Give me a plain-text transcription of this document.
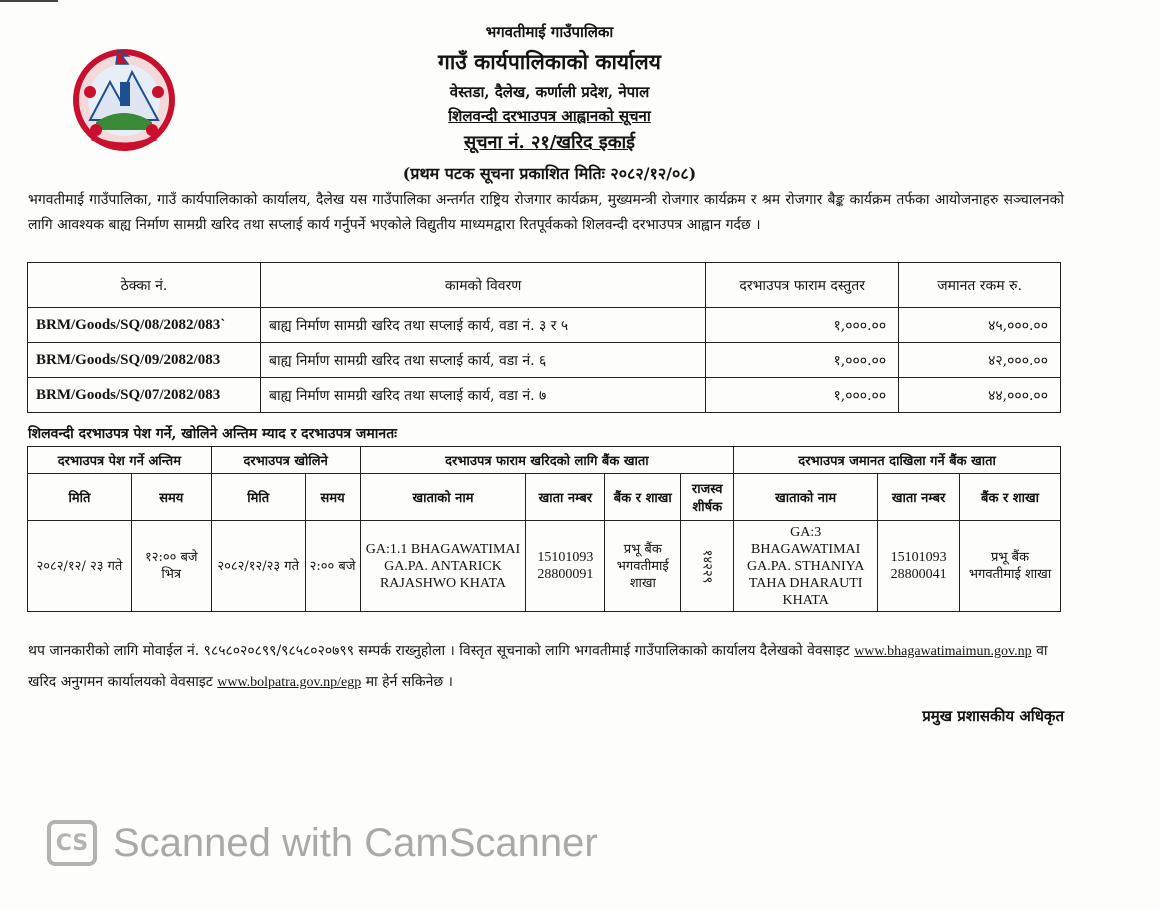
भगवतीमाई गाउँपालिका
गाउँ कार्यपालिकाको कार्यालय
वेस्तडा, दैलेख, कर्णाली प्रदेश, नेपाल
शिलवन्दी दरभाउपत्र आह्वानको सूचना
सूचना नं. २१/खरिद इकाई
(प्रथम पटक सूचना प्रकाशित मितिः २०८२/१२/०८)
भगवतीमाई गाउँपालिका, गाउँ कार्यपालिकाको कार्यालय, दैलेख यस गाउँपालिका अन्तर्गत राष्ट्रिय रोजगार कार्यक्रम, मुख्यमन्त्री रोजगार कार्यक्रम र श्रम रोजगार बैङ्क कार्यक्रम तर्फका आयोजनाहरु सञ्चालनको लागि आवश्यक बाह्य निर्माण सामग्री खरिद तथा सप्लाई कार्य गर्नुपर्ने भएकोले विद्युतीय माध्यमद्वारा रितपूर्वकको शिलवन्दी दरभाउपत्र आह्वान गर्दछ ।
ठेक्का नं.	कामको विवरण	दरभाउपत्र फाराम दस्तुतर	जमानत रकम रु.
BRM/Goods/SQ/08/2082/083`	बाह्य निर्माण सामग्री खरिद तथा सप्लाई कार्य, वडा नं. ३ र ५	१,०००.००	४५,०००.००
BRM/Goods/SQ/09/2082/083	बाह्य निर्माण सामग्री खरिद तथा सप्लाई कार्य, वडा नं. ६	१,०००.००	४२,०००.००
BRM/Goods/SQ/07/2082/083	बाह्य निर्माण सामग्री खरिद तथा सप्लाई कार्य, वडा नं. ७	१,०००.००	४४,०००.००
शिलवन्दी दरभाउपत्र पेश गर्ने, खोलिने अन्तिम म्याद र दरभाउपत्र जमानतः
दरभाउपत्र पेश गर्ने अन्तिम		दरभाउपत्र खोलिने		दरभाउपत्र फाराम खरिदको लागि बैंक खाता				दरभाउपत्र जमानत दाखिला गर्ने बैंक खाता		
मिति	समय	मिति	समय	खाताको नाम	खाता नम्बर	बैंक र शाखा	राजस्व शीर्षक	खाताको नाम	खाता नम्बर	बैंक र शाखा
२०८२/१२/ २३ गते	१२:०० बजे भित्र	२०८२/१२/२३ गते	२:०० बजे	GA:1.1 BHAGAWATIMAI GA.PA. ANTARICK RAJASHWO KHATA	15101093 28800091	प्रभू बैंक भगवतीमाई शाखा	१४२२९	GA:3 BHAGAWATIMAI GA.PA. STHANIYA TAHA DHARAUTI KHATA	15101093 28800041	प्रभू बैंक भगवतीमाई शाखा
थप जानकारीको लागि मोवाईल नं. ९८५८०२०८९९/९८५८०२०७९९ सम्पर्क राख्नुहोला । विस्तृत सूचनाको लागि भगवतीमाई गाउँपालिकाको कार्यालय दैलेखको वेवसाइट www.bhagawatimaimun.gov.np वा खरिद अनुगमन कार्यालयको वेवसाइट www.bolpatra.gov.np/egp मा हेर्न सकिनेछ ।
प्रमुख प्रशासकीय अधिकृत
CS Scanned with CamScanner
